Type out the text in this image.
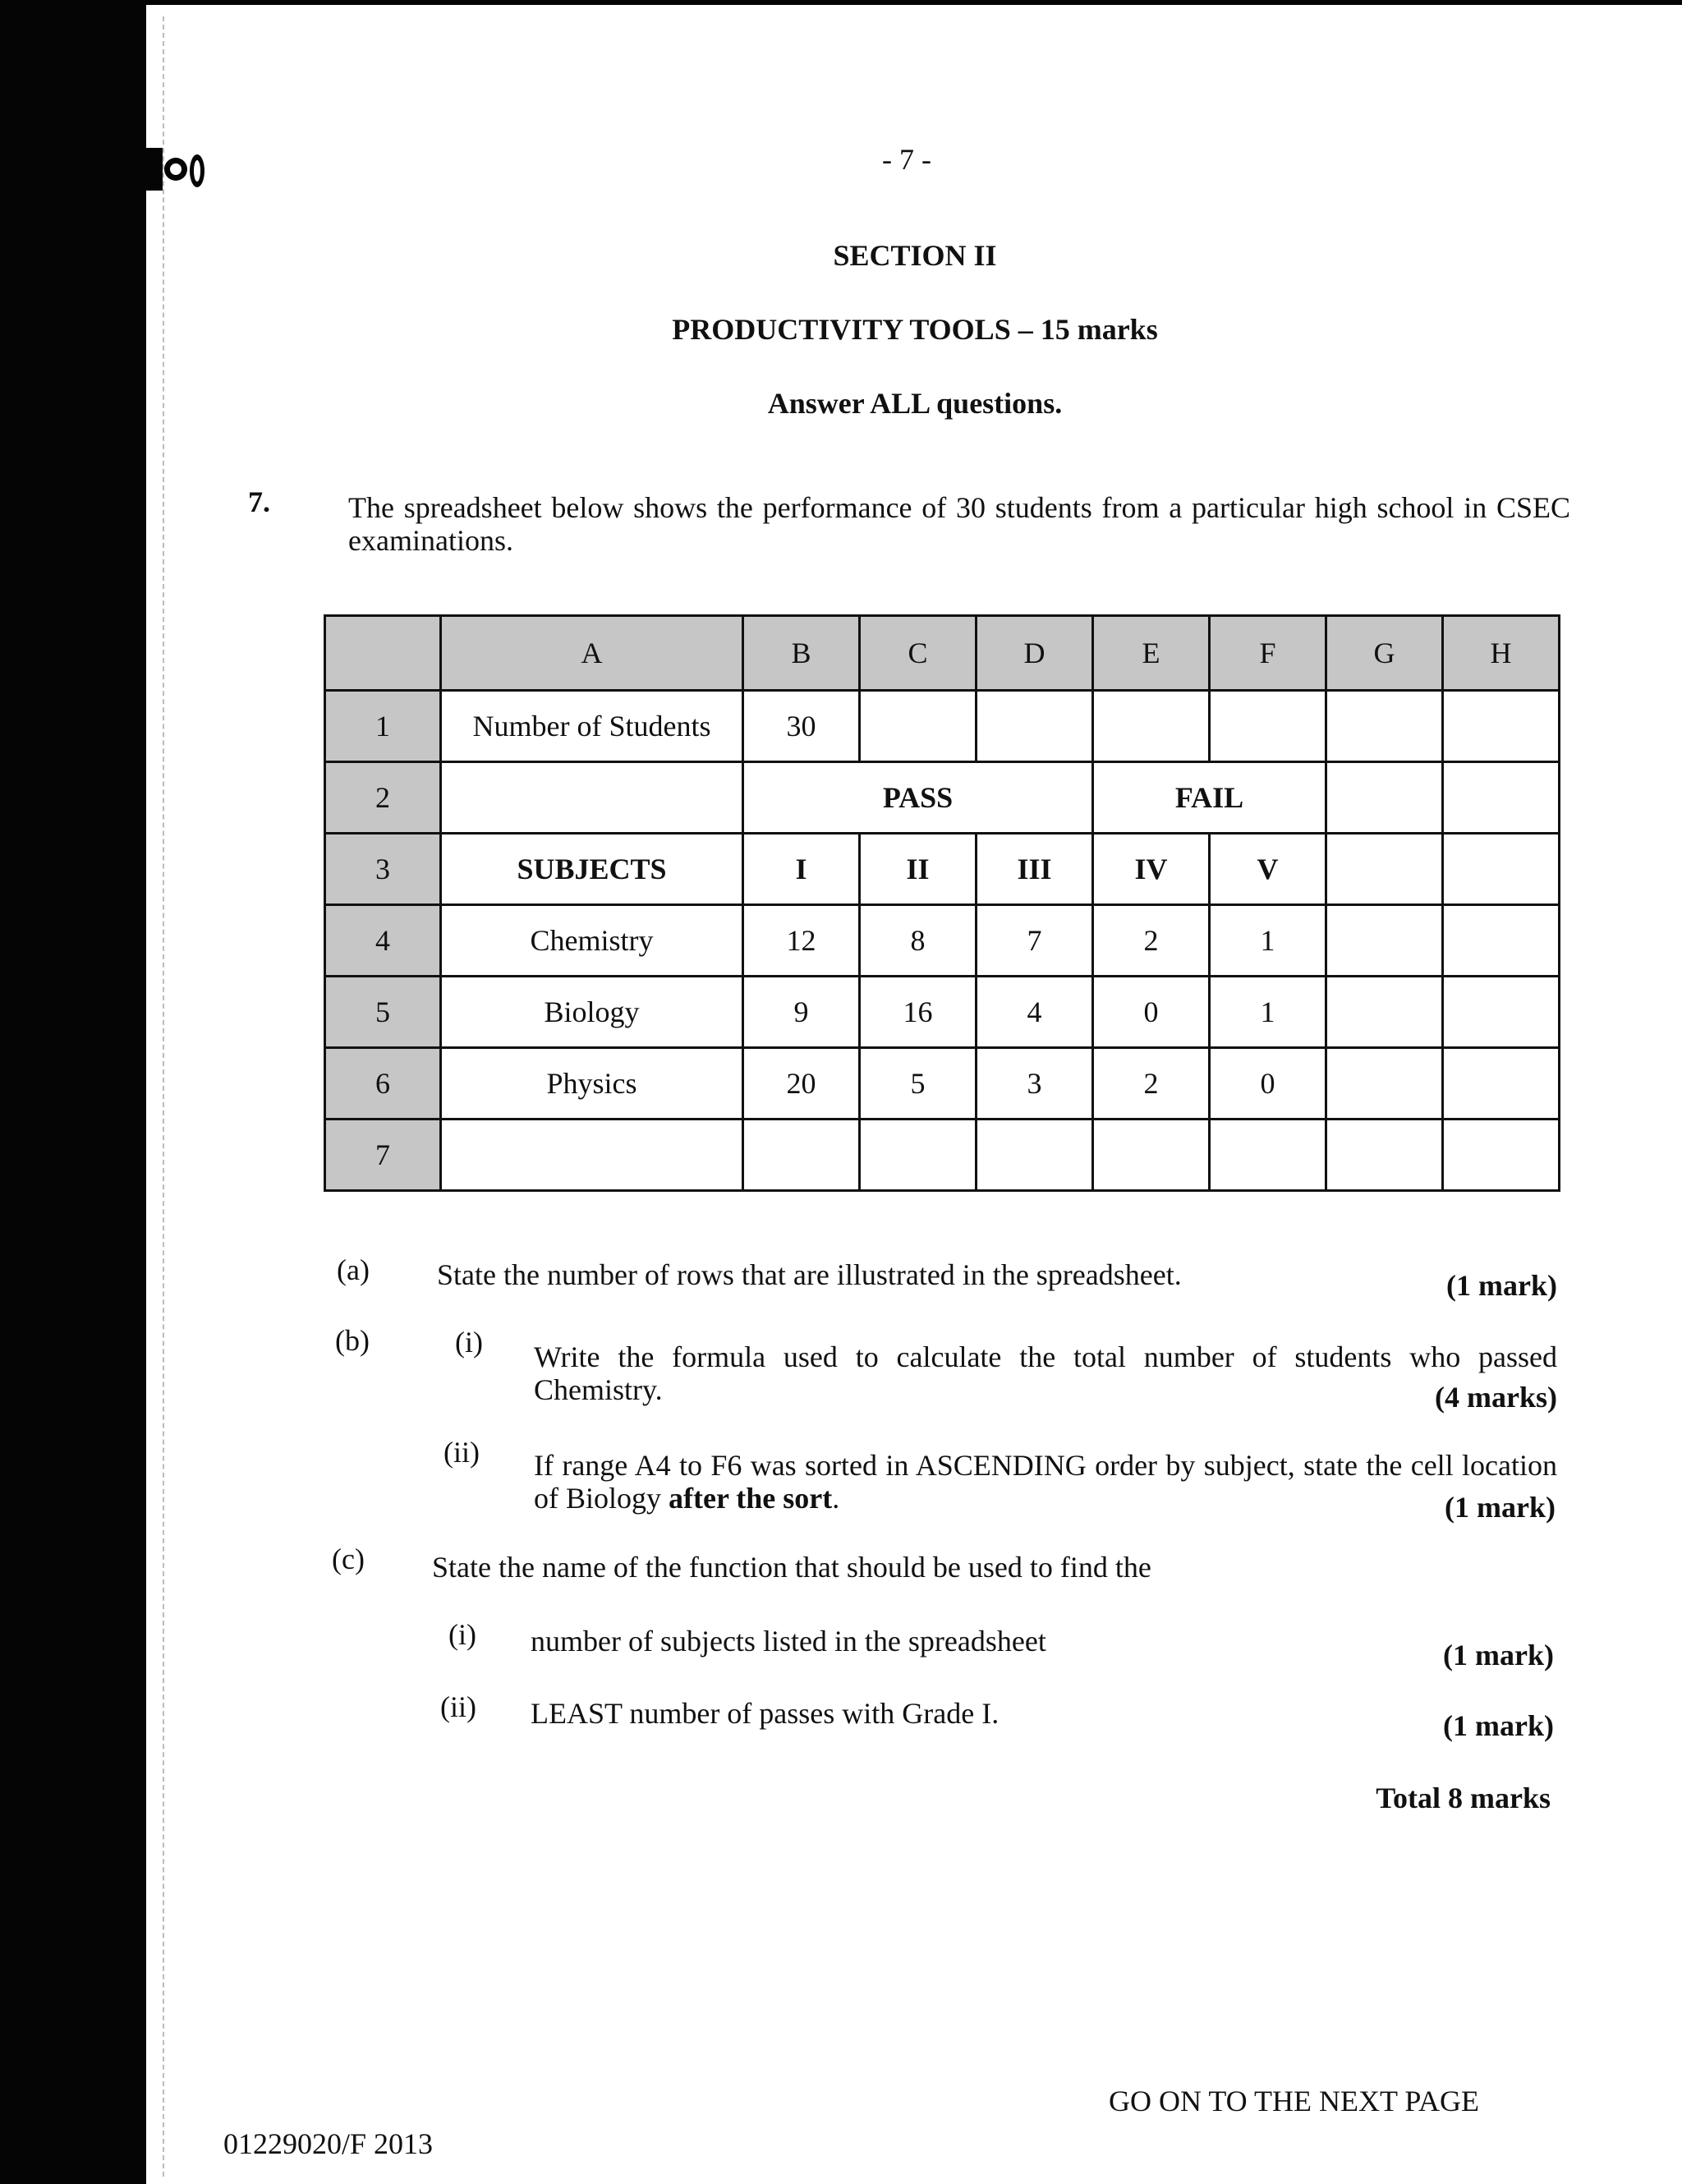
- 7 -
SECTION II
PRODUCTIVITY TOOLS – 15 marks
Answer ALL questions.
7.	The spreadsheet below shows the performance of 30 students from a particular high school in CSEC examinations.
	A	B	C	D	E	F	G	H
1	Number of Students	30						
2		PASS			FAIL			
3	SUBJECTS	I	II	III	IV	V		
4	Chemistry	12	8	7	2	1		
5	Biology	9	16	4	0	1		
6	Physics	20	5	3	2	0		
7								
(a) State the number of rows that are illustrated in the spreadsheet.	(1 mark)
(b)	(i) Write the formula used to calculate the total number of students who passed Chemistry.	(4 marks)
(ii) If range A4 to F6 was sorted in ASCENDING order by subject, state the cell location of Biology after the sort.	(1 mark)
(c) State the name of the function that should be used to find the
(i) number of subjects listed in the spreadsheet	(1 mark)
(ii) LEAST number of passes with Grade I.	(1 mark)
Total 8 marks
GO ON TO THE NEXT PAGE
01229020/F 2013
